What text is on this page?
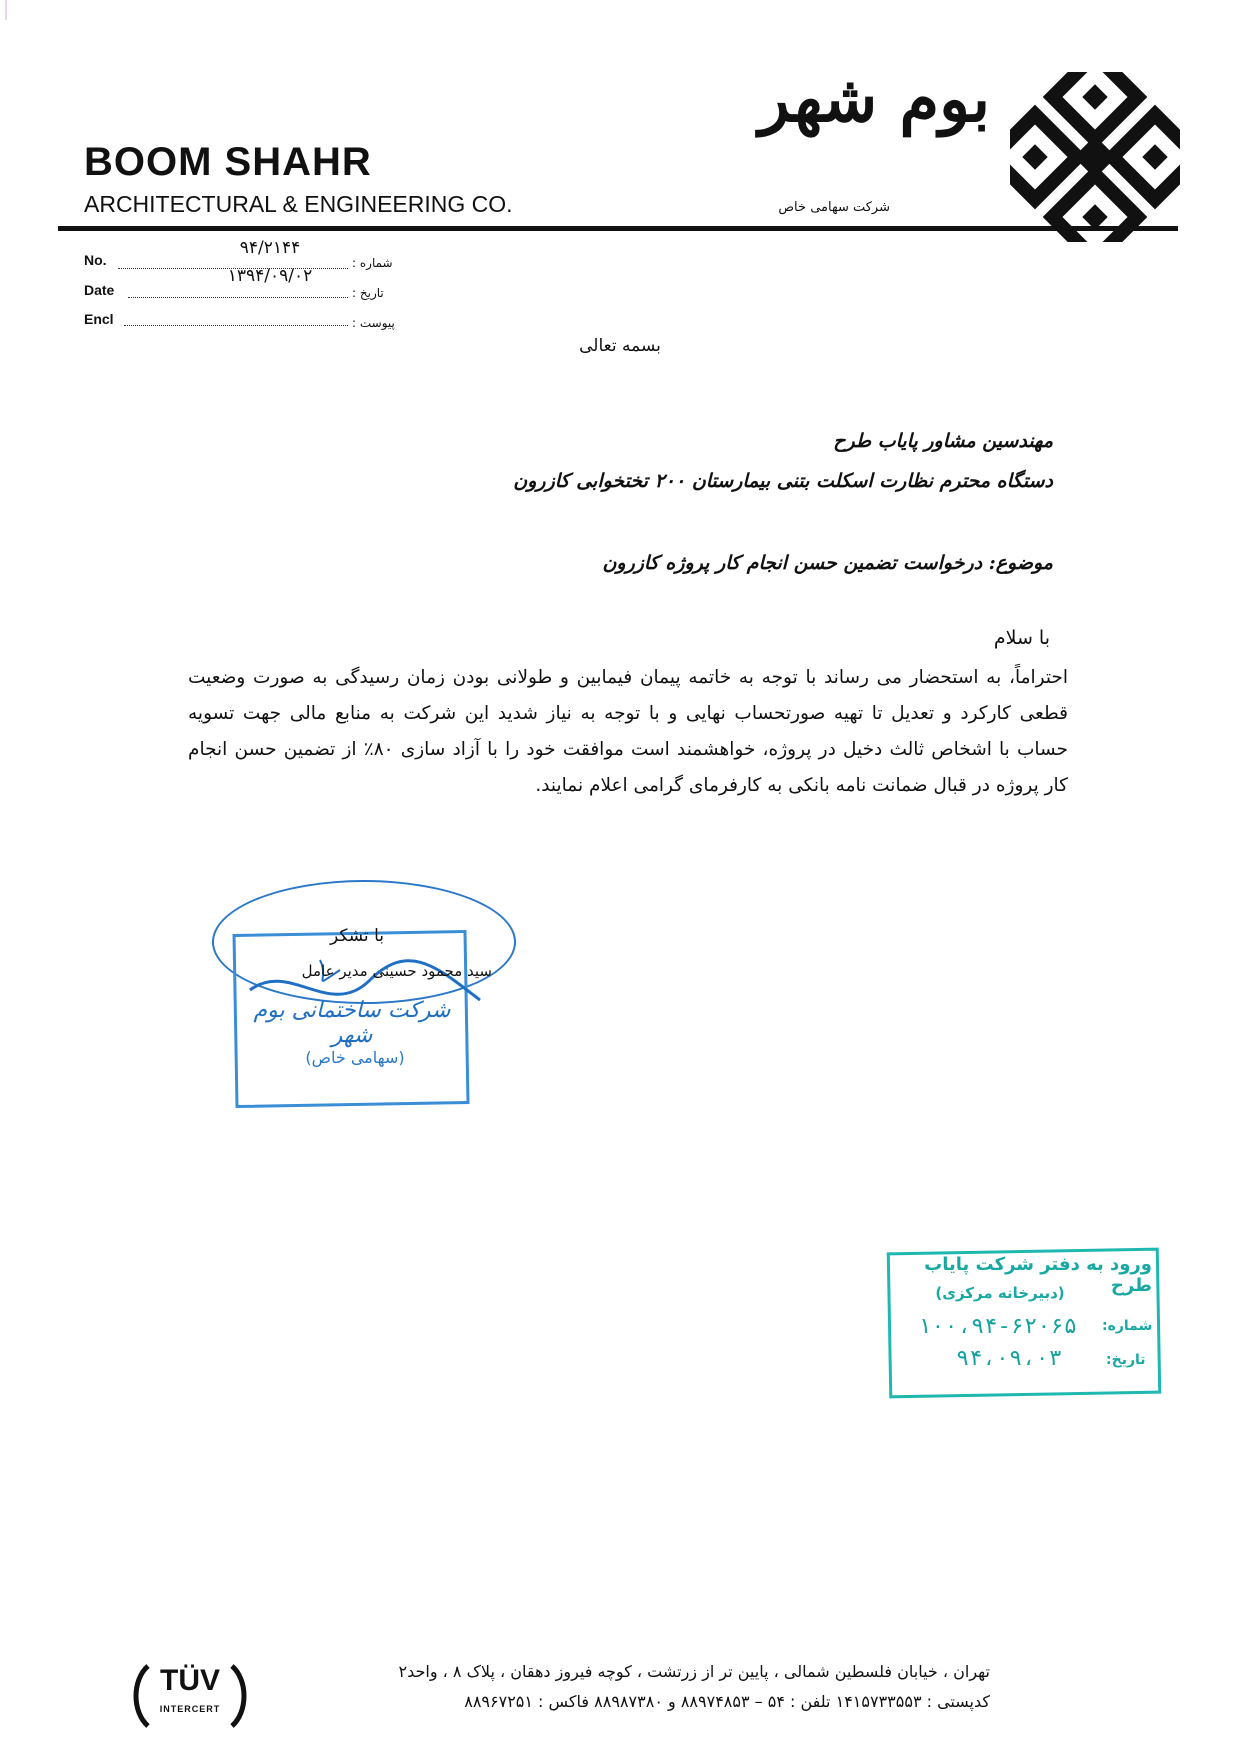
BOOM SHAHR
ARCHITECTURAL & ENGINEERING CO.
بوم شهر
شرکت سهامی خاص
No.
۹۴/۲۱۴۴
شماره :
Date
۱۳۹۴/۰۹/۰۲
تاریخ :
Encl	پیوست :
بسمه تعالی
مهندسین مشاور پایاب طرح
دستگاه محترم نظارت اسکلت بتنی بیمارستان ۲۰۰ تختخوابی کازرون
موضوع: درخواست تضمین حسن انجام کار پروژه کازرون
با سلام
احتراماً، به استحضار می رساند با توجه به خاتمه پیمان فیمابین و طولانی بودن زمان رسیدگی به صورت وضعیت قطعی کارکرد و تعدیل تا تهیه صورتحساب نهایی و با توجه به نیاز شدید این شرکت به منابع مالی جهت تسویه حساب با اشخاص ثالث دخیل در پروژه، خواهشمند است موافقت خود را با آزاد سازی ۸۰٪ از تضمین حسن انجام کار پروژه در قبال ضمانت نامه بانکی به کارفرمای گرامی اعلام نمایند.
با تشکر
سید محمود حسینی مدیر عامل
شرکت ساختمانی بوم شهر
(سهامی خاص)
ورود به دفتر شرکت پایاب طرح
(دبیرخانه مرکزی)
شماره:
۱۰۰،۹۴-۶۲۰۶۵
تاریخ:
۹۴،۰۹،۰۳
TÜV
INTERCERT
تهران ، خیابان فلسطین شمالی ، پایین تر از زرتشت ، کوچه فیروز دهقان ، پلاک ۸ ، واحد۲
کدپستی : ۱۴۱۵۷۳۳۵۵۳ تلفن : ۵۴ – ۸۸۹۷۴۸۵۳ و ۸۸۹۸۷۳۸۰ فاکس : ۸۸۹۶۷۲۵۱
